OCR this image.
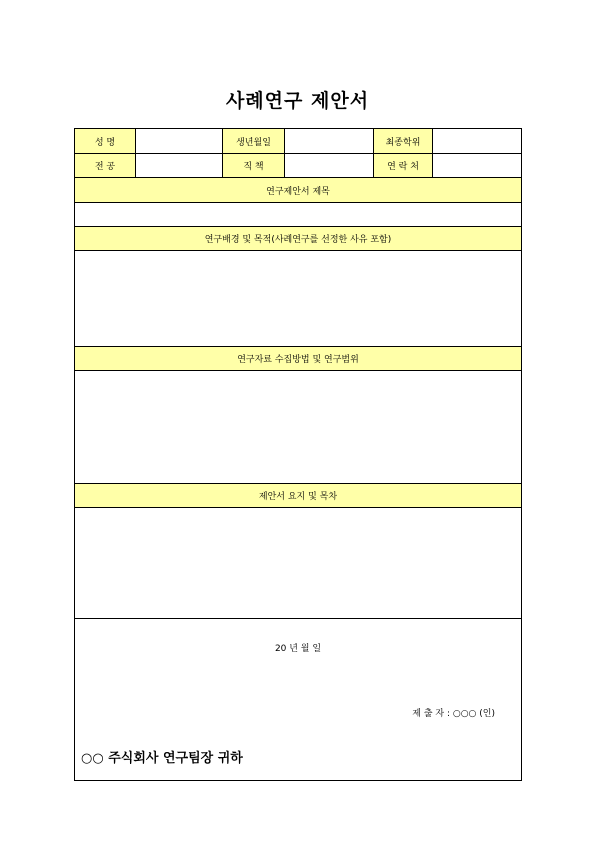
사례연구 제안서
성 명	생년월일	최종학위
전 공	직 책	연 락 처
연구제안서 제목
연구배경 및 목적(사례연구를 선정한 사유 포함)
연구자료 수집방법 및 연구범위
제안서 요지 및 목차
20 년 월 일
제 출 자 : ○○○ (인)
○○ 주식회사 연구팀장 귀하
